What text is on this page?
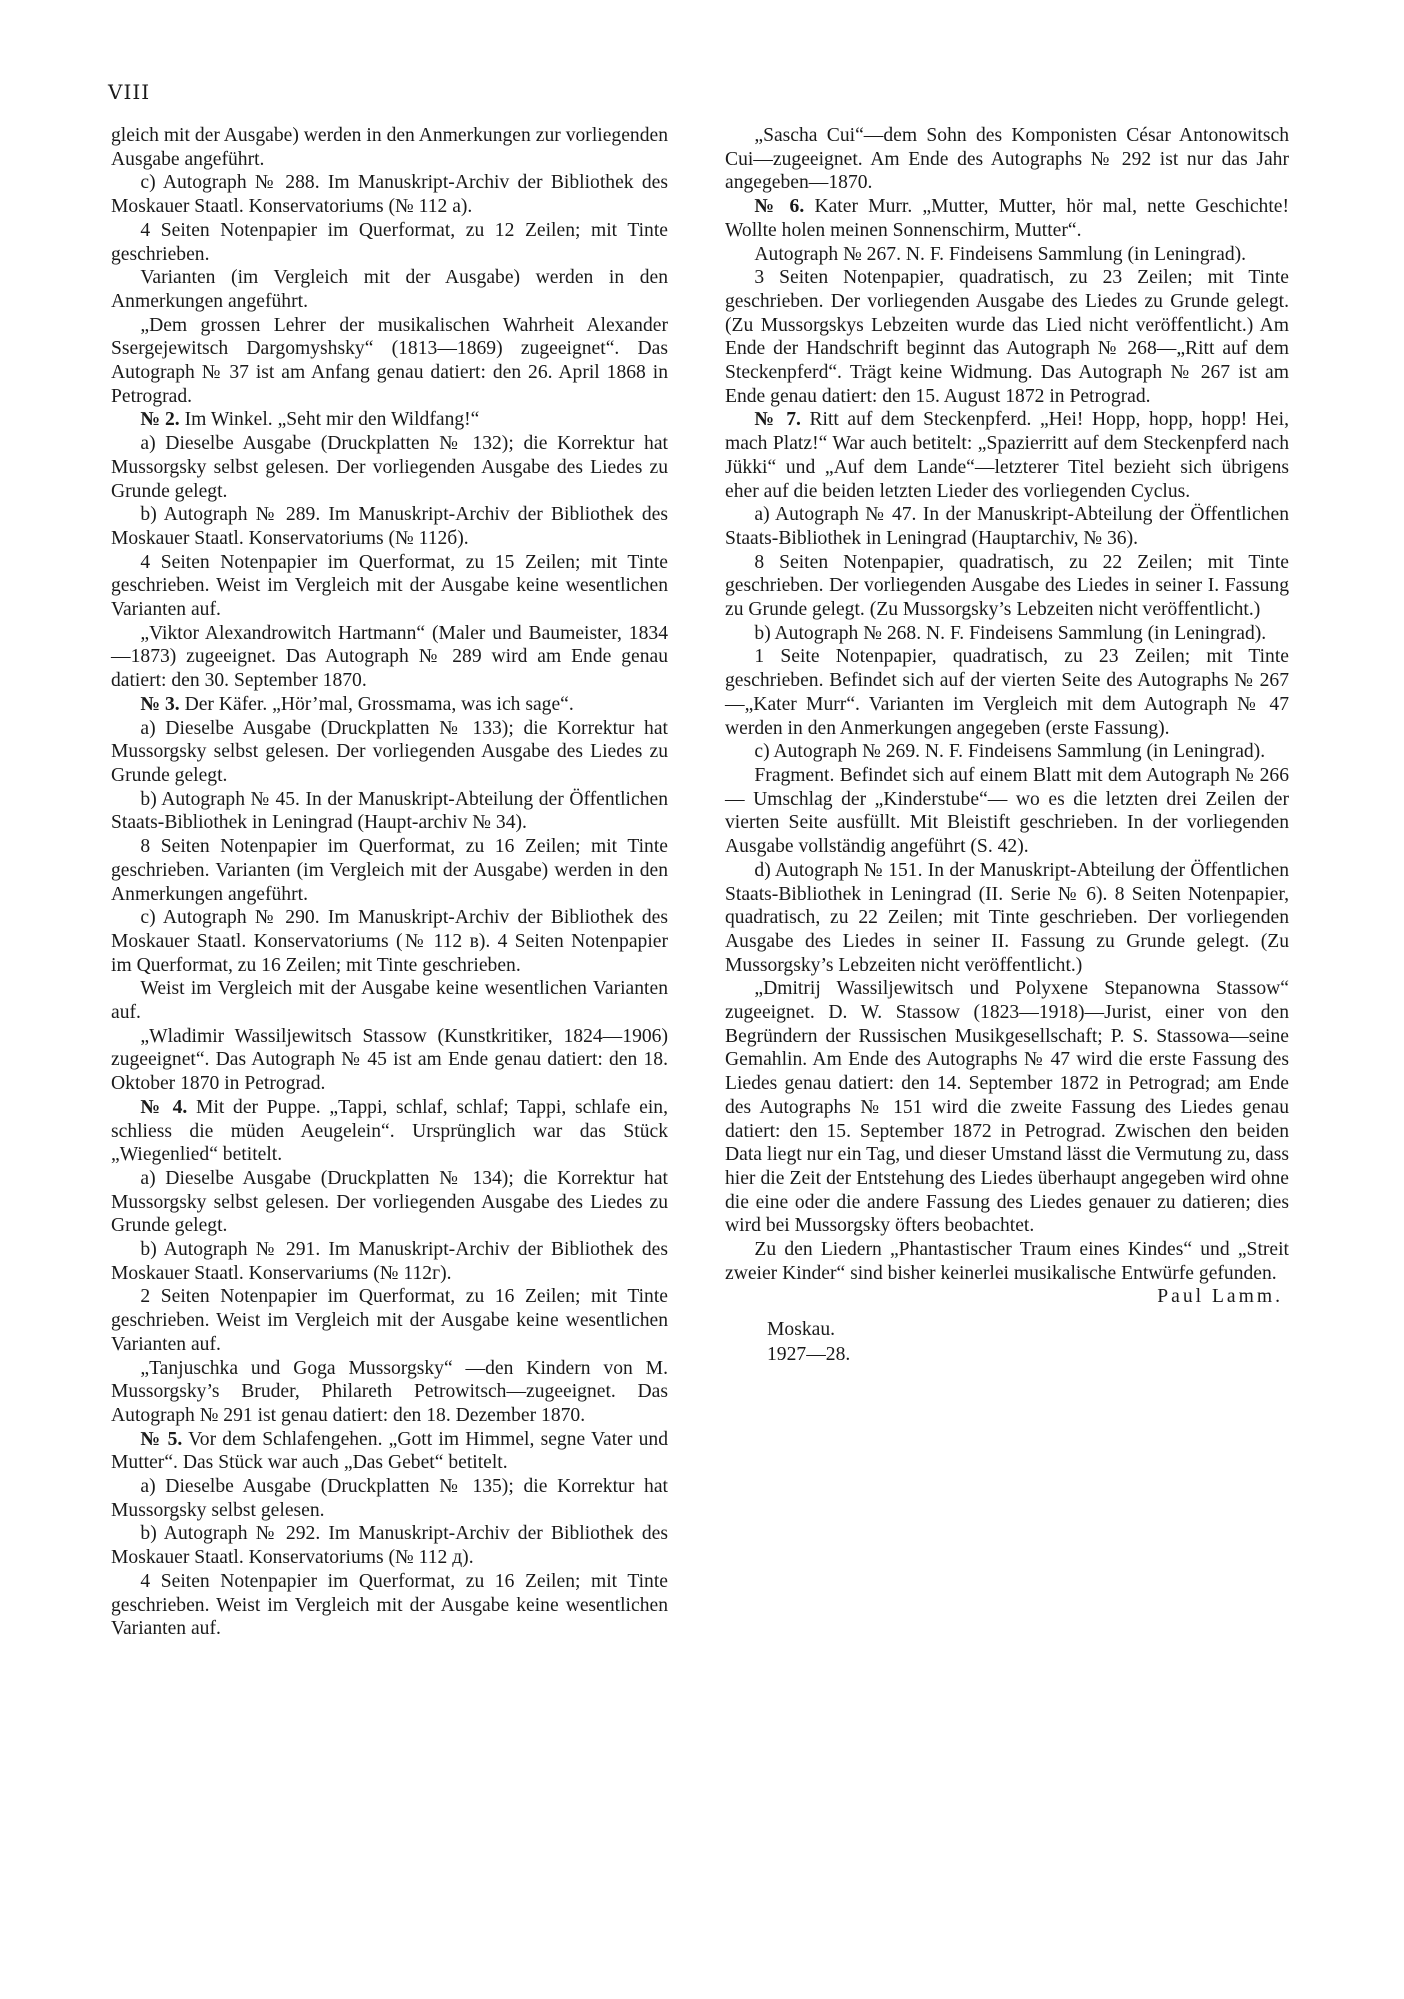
VIII

gleich mit der Ausgabe) werden in den Anmerkungen zur vorliegenden Ausgabe angeführt.

c) Autograph № 288. Im Manuskript-Archiv der Bibliothek des Moskauer Staatl. Konservatoriums (№ 112 a).

4 Seiten Notenpapier im Querformat, zu 12 Zeilen; mit Tinte geschrieben.

Varianten (im Vergleich mit der Ausgabe) werden in den Anmerkungen angeführt.

„Dem grossen Lehrer der musikalischen Wahrheit Alexander Ssergejewitsch Dargomyshsky“ (1813—1869) zugeeignet“. Das Autograph № 37 ist am Anfang genau datiert: den 26. April 1868 in Petrograd.

№ 2. Im Winkel. „Seht mir den Wildfang!“

a) Dieselbe Ausgabe (Druckplatten № 132); die Korrektur hat Mussorgsky selbst gelesen. Der vorliegenden Ausgabe des Liedes zu Grunde gelegt.

b) Autograph № 289. Im Manuskript-Archiv der Bibliothek des Moskauer Staatl. Konservatoriums (№ 112б).

4 Seiten Notenpapier im Querformat, zu 15 Zeilen; mit Tinte geschrieben. Weist im Vergleich mit der Ausgabe keine wesentlichen Varianten auf.

„Viktor Alexandrowitch Hartmann“ (Maler und Baumeister, 1834—1873) zugeeignet. Das Autograph № 289 wird am Ende genau datiert: den 30. September 1870.

№ 3. Der Käfer. „Hör’mal, Grossmama, was ich sage“.

a) Dieselbe Ausgabe (Druckplatten № 133); die Korrektur hat Mussorgsky selbst gelesen. Der vorliegenden Ausgabe des Liedes zu Grunde gelegt.

b) Autograph № 45. In der Manuskript-Abteilung der Öffentlichen Staats-Bibliothek in Leningrad (Haupt-archiv № 34).

8 Seiten Notenpapier im Querformat, zu 16 Zeilen; mit Tinte geschrieben. Varianten (im Vergleich mit der Ausgabe) werden in den Anmerkungen angeführt.

c) Autograph № 290. Im Manuskript-Archiv der Bibliothek des Moskauer Staatl. Konservatoriums (№ 112 в). 4 Seiten Notenpapier im Querformat, zu 16 Zeilen; mit Tinte geschrieben.

Weist im Vergleich mit der Ausgabe keine wesentlichen Varianten auf.

„Wladimir Wassiljewitsch Stassow (Kunstkritiker, 1824—1906) zugeeignet“. Das Autograph № 45 ist am Ende genau datiert: den 18. Oktober 1870 in Petrograd.

№ 4. Mit der Puppe. „Tappi, schlaf, schlaf; Tappi, schlafe ein, schliess die müden Aeugelein“. Ursprünglich war das Stück „Wiegenlied“ betitelt.

a) Dieselbe Ausgabe (Druckplatten № 134); die Korrektur hat Mussorgsky selbst gelesen. Der vorliegenden Ausgabe des Liedes zu Grunde gelegt.

b) Autograph № 291. Im Manuskript-Archiv der Bibliothek des Moskauer Staatl. Konservariums (№ 112г).

2 Seiten Notenpapier im Querformat, zu 16 Zeilen; mit Tinte geschrieben. Weist im Vergleich mit der Ausgabe keine wesentlichen Varianten auf.

„Tanjuschka und Goga Mussorgsky“ —den Kindern von M. Mussorgsky’s Bruder, Philareth Petrowitsch—zugeeignet. Das Autograph № 291 ist genau datiert: den 18. Dezember 1870.

№ 5. Vor dem Schlafengehen. „Gott im Himmel, segne Vater und Mutter“. Das Stück war auch „Das Gebet“ betitelt.

a) Dieselbe Ausgabe (Druckplatten № 135); die Korrektur hat Mussorgsky selbst gelesen.

b) Autograph № 292. Im Manuskript-Archiv der Bibliothek des Moskauer Staatl. Konservatoriums (№ 112 д).

4 Seiten Notenpapier im Querformat, zu 16 Zeilen; mit Tinte geschrieben. Weist im Vergleich mit der Ausgabe keine wesentlichen Varianten auf.

„Sascha Cui“—dem Sohn des Komponisten César Antonowitsch Cui—zugeeignet. Am Ende des Autographs № 292 ist nur das Jahr angegeben—1870.

№ 6. Kater Murr. „Mutter, Mutter, hör mal, nette Geschichte! Wollte holen meinen Sonnenschirm, Mutter“.

Autograph № 267. N. F. Findeisens Sammlung (in Leningrad).

3 Seiten Notenpapier, quadratisch, zu 23 Zeilen; mit Tinte geschrieben. Der vorliegenden Ausgabe des Liedes zu Grunde gelegt. (Zu Mussorgskys Lebzeiten wurde das Lied nicht veröffentlicht.) Am Ende der Handschrift beginnt das Autograph № 268—„Ritt auf dem Steckenpferd“. Trägt keine Widmung. Das Autograph № 267 ist am Ende genau datiert: den 15. August 1872 in Petrograd.

№ 7. Ritt auf dem Steckenpferd. „Hei! Hopp, hopp, hopp! Hei, mach Platz!“ War auch betitelt: „Spazierritt auf dem Steckenpferd nach Jükki“ und „Auf dem Lande“—letzterer Titel bezieht sich übrigens eher auf die beiden letzten Lieder des vorliegenden Cyclus.

a) Autograph № 47. In der Manuskript-Abteilung der Öffentlichen Staats-Bibliothek in Leningrad (Hauptarchiv, № 36).

8 Seiten Notenpapier, quadratisch, zu 22 Zeilen; mit Tinte geschrieben. Der vorliegenden Ausgabe des Liedes in seiner I. Fassung zu Grunde gelegt. (Zu Mussorgsky’s Lebzeiten nicht veröffentlicht.)

b) Autograph № 268. N. F. Findeisens Sammlung (in Leningrad).

1 Seite Notenpapier, quadratisch, zu 23 Zeilen; mit Tinte geschrieben. Befindet sich auf der vierten Seite des Autographs № 267—„Kater Murr“. Varianten im Vergleich mit dem Autograph № 47 werden in den Anmerkungen angegeben (erste Fassung).

c) Autograph № 269. N. F. Findeisens Sammlung (in Leningrad).

Fragment. Befindet sich auf einem Blatt mit dem Autograph № 266 — Umschlag der „Kinderstube“— wo es die letzten drei Zeilen der vierten Seite ausfüllt. Mit Bleistift geschrieben. In der vorliegenden Ausgabe vollständig angeführt (S. 42).

d) Autograph № 151. In der Manuskript-Abteilung der Öffentlichen Staats-Bibliothek in Leningrad (II. Serie № 6). 8 Seiten Notenpapier, quadratisch, zu 22 Zeilen; mit Tinte geschrieben. Der vorliegenden Ausgabe des Liedes in seiner II. Fassung zu Grunde gelegt. (Zu Mussorgsky’s Lebzeiten nicht veröffentlicht.)

„Dmitrij Wassiljewitsch und Polyxene Stepanowna Stassow“ zugeeignet. D. W. Stassow (1823—1918)—Jurist, einer von den Begründern der Russischen Musikgesellschaft; P. S. Stassowa—seine Gemahlin. Am Ende des Autographs № 47 wird die erste Fassung des Liedes genau datiert: den 14. September 1872 in Petrograd; am Ende des Autographs № 151 wird die zweite Fassung des Liedes genau datiert: den 15. September 1872 in Petrograd. Zwischen den beiden Data liegt nur ein Tag, und dieser Umstand lässt die Vermutung zu, dass hier die Zeit der Entstehung des Liedes überhaupt angegeben wird ohne die eine oder die andere Fassung des Liedes genauer zu datieren; dies wird bei Mussorgsky öfters beobachtet.

Zu den Liedern „Phantastischer Traum eines Kindes“ und „Streit zweier Kinder“ sind bisher keinerlei musikalische Entwürfe gefunden.

Paul Lamm.

Moskau.

1927—28.
